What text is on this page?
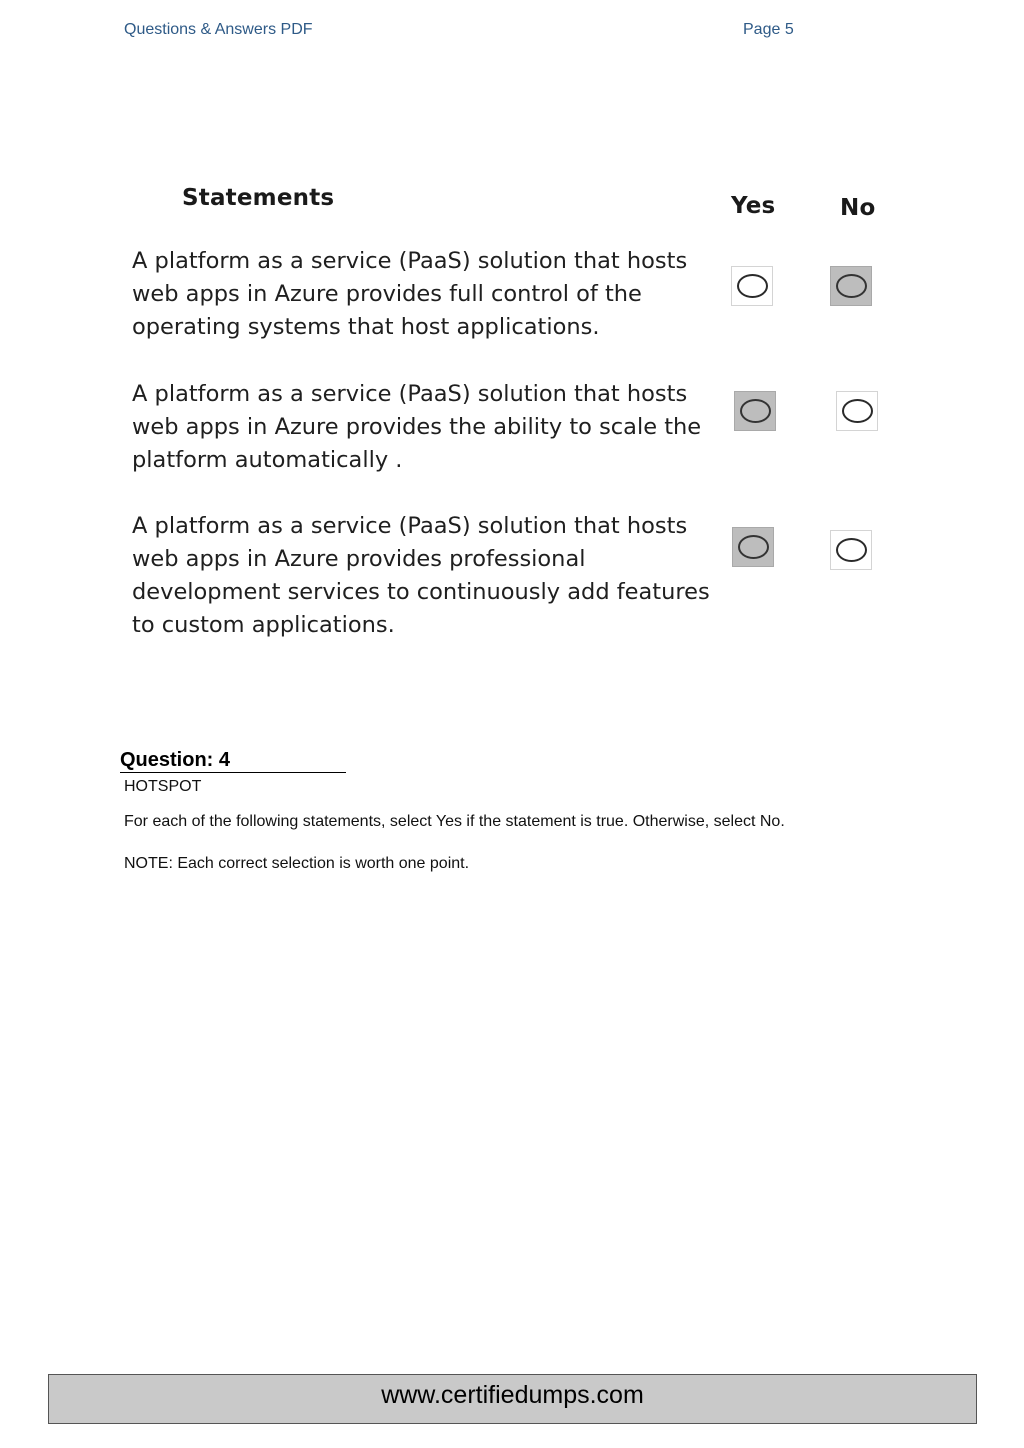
Questions & Answers PDF	Page 5
Statements	Yes	No
A platform as a service (PaaS) solution that hosts web apps in Azure provides full control of the operating systems that host applications.
A platform as a service (PaaS) solution that hosts web apps in Azure provides the ability to scale the platform automatically .
A platform as a service (PaaS) solution that hosts web apps in Azure provides professional development services to continuously add features to custom applications.
Question: 4
HOTSPOT
For each of the following statements, select Yes if the statement is true. Otherwise, select No.
NOTE: Each correct selection is worth one point.
www.certifiedumps.com
